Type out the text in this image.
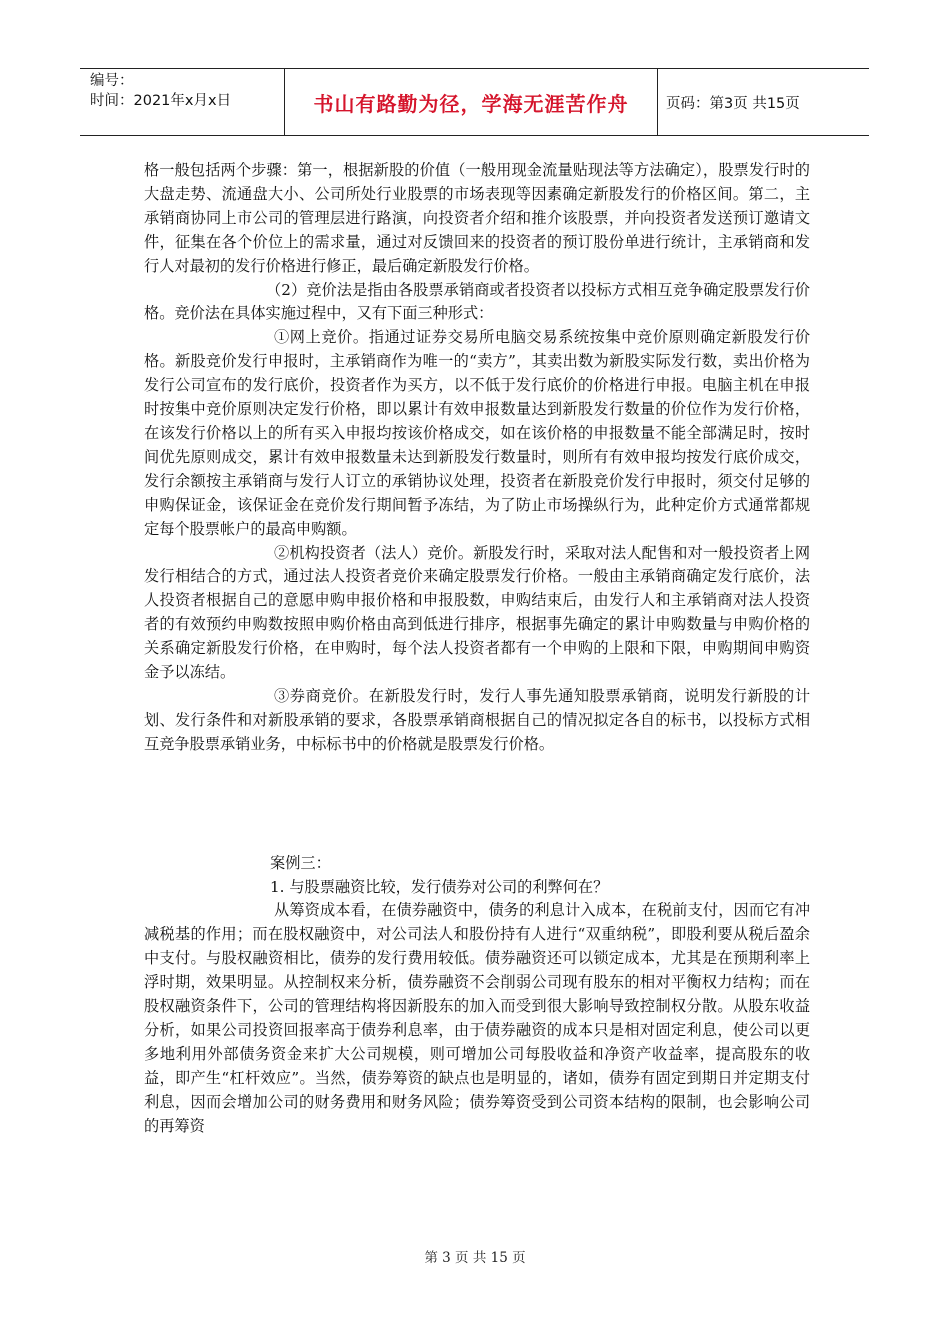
编号：
时间：2021年x月x日	书山有路勤为径，学海无涯苦作舟	页码：第3页 共15页

格一般包括两个步骤：第一，根据新股的价值（一般用现金流量贴现法等方法确定），股票发行时的大盘走势、流通盘大小、公司所处行业股票的市场表现等因素确定新股发行的价格区间。第二，主承销商协同上市公司的管理层进行路演，向投资者介绍和推介该股票，并向投资者发送预订邀请文件，征集在各个价位上的需求量，通过对反馈回来的投资者的预订股份单进行统计，主承销商和发行人对最初的发行价格进行修正，最后确定新股发行价格。

（2）竞价法是指由各股票承销商或者投资者以投标方式相互竞争确定股票发行价格。竞价法在具体实施过程中，又有下面三种形式：

①网上竞价。指通过证券交易所电脑交易系统按集中竞价原则确定新股发行价格。新股竞价发行申报时，主承销商作为唯一的“卖方”，其卖出数为新股实际发行数，卖出价格为发行公司宣布的发行底价，投资者作为买方，以不低于发行底价的价格进行申报。电脑主机在申报时按集中竞价原则决定发行价格，即以累计有效申报数量达到新股发行数量的价位作为发行价格，在该发行价格以上的所有买入申报均按该价格成交，如在该价格的申报数量不能全部满足时，按时间优先原则成交，累计有效申报数量未达到新股发行数量时，则所有有效申报均按发行底价成交，发行余额按主承销商与发行人订立的承销协议处理，投资者在新股竞价发行申报时，须交付足够的申购保证金，该保证金在竞价发行期间暂予冻结，为了防止市场操纵行为，此种定价方式通常都规定每个股票帐户的最高申购额。

②机构投资者（法人）竞价。新股发行时，采取对法人配售和对一般投资者上网发行相结合的方式，通过法人投资者竞价来确定股票发行价格。一般由主承销商确定发行底价，法人投资者根据自己的意愿申购申报价格和申报股数，申购结束后，由发行人和主承销商对法人投资者的有效预约申购数按照申购价格由高到低进行排序，根据事先确定的累计申购数量与申购价格的关系确定新股发行价格，在申购时，每个法人投资者都有一个申购的上限和下限，申购期间申购资金予以冻结。

③券商竞价。在新股发行时，发行人事先通知股票承销商，说明发行新股的计划、发行条件和对新股承销的要求，各股票承销商根据自己的情况拟定各自的标书，以投标方式相互竞争股票承销业务，中标标书中的价格就是股票发行价格。

案例三：

1. 与股票融资比较，发行债券对公司的利弊何在？

从筹资成本看，在债券融资中，债务的利息计入成本，在税前支付，因而它有冲减税基的作用；而在股权融资中，对公司法人和股份持有人进行“双重纳税”，即股利要从税后盈余中支付。与股权融资相比，债券的发行费用较低。债券融资还可以锁定成本，尤其是在预期利率上浮时期，效果明显。从控制权来分析，债券融资不会削弱公司现有股东的相对平衡权力结构；而在股权融资条件下，公司的管理结构将因新股东的加入而受到很大影响导致控制权分散。从股东收益分析，如果公司投资回报率高于债券利息率，由于债券融资的成本只是相对固定利息，使公司以更多地利用外部债务资金来扩大公司规模，则可增加公司每股收益和净资产收益率，提高股东的收益，即产生“杠杆效应”。当然，债券筹资的缺点也是明显的，诸如，债券有固定到期日并定期支付利息，因而会增加公司的财务费用和财务风险；债券筹资受到公司资本结构的限制，也会影响公司的再筹资

第 3 页 共 15 页
